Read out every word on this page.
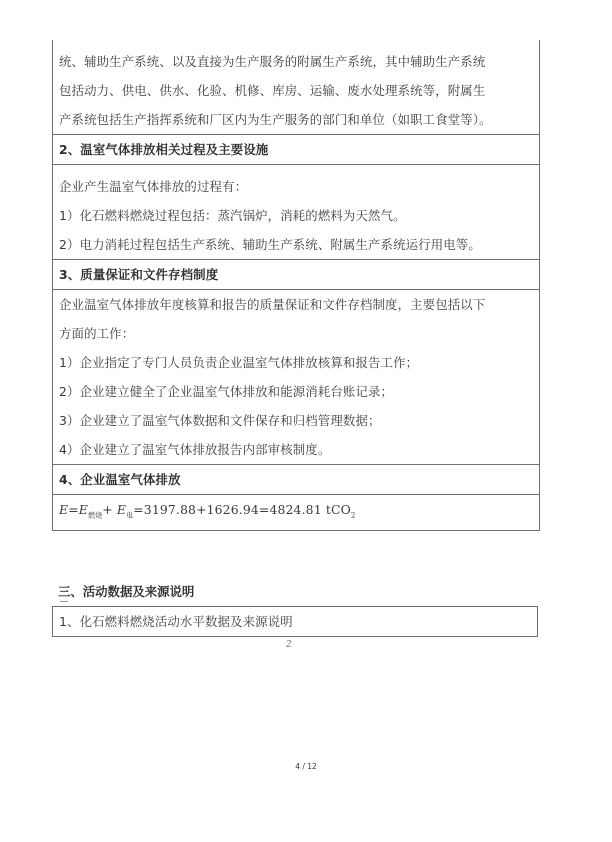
统、辅助生产系统、以及直接为生产服务的附属生产系统，其中辅助生产系统
包括动力、供电、供水、化验、机修、库房、运输、废水处理系统等，附属生
产系统包括生产指挥系统和厂区内为生产服务的部门和单位（如职工食堂等）。
2、温室气体排放相关过程及主要设施
企业产生温室气体排放的过程有：
1）化石燃料燃烧过程包括：蒸汽锅炉，消耗的燃料为天然气。
2）电力消耗过程包括生产系统、辅助生产系统、附属生产系统运行用电等。
3、质量保证和文件存档制度
企业温室气体排放年度核算和报告的质量保证和文件存档制度，主要包括以下
方面的工作：
1）企业指定了专门人员负责企业温室气体排放核算和报告工作；
2）企业建立健全了企业温室气体排放和能源消耗台账记录；
3）企业建立了温室气体数据和文件保存和归档管理数据；
4）企业建立了温室气体排放报告内部审核制度。
4、企业温室气体排放
$E=E_{燃烧}+ E_电=3197.88+1626.94=4824.81$ tCO$_2$
三、活动数据及来源说明
1、化石燃料燃烧活动水平数据及来源说明
2
4 / 12
